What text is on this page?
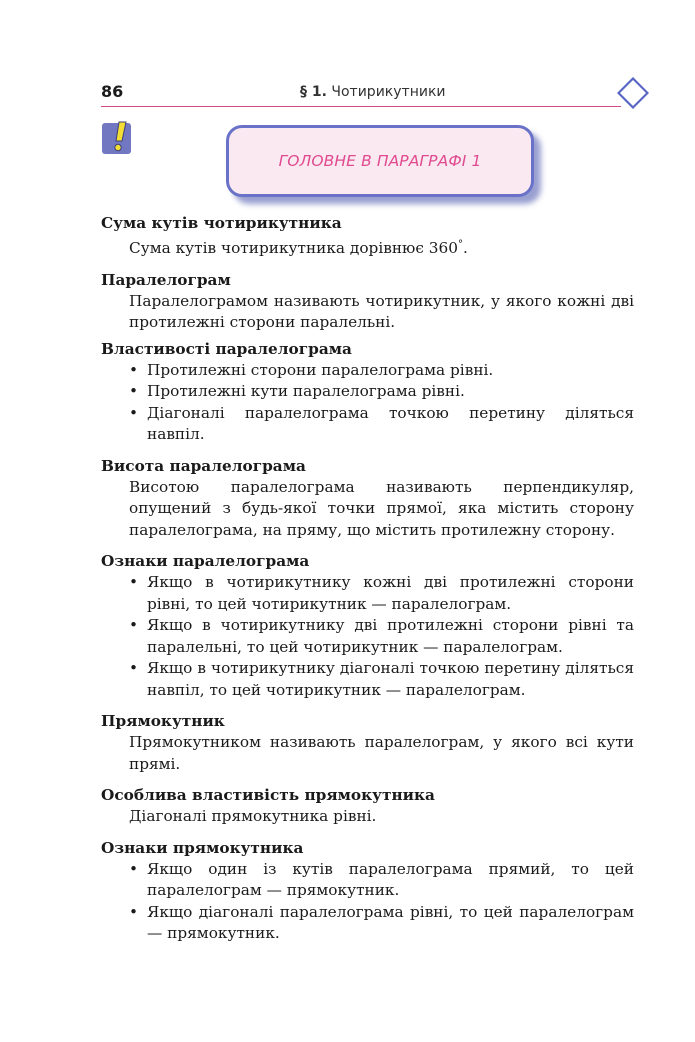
86	§ 1. Чотирикутники
ГОЛОВНЕ В ПАРАГРАФІ 1

Сума кутів чотирикутника

Сума кутів чотирикутника дорівнює 360°.

Паралелограм

Паралелограмом називають чотирикутник, у якого кожні дві протилежні сторони паралельні.

Властивості паралелограма

• Протилежні сторони паралелограма рівні.
• Протилежні кути паралелограма рівні.
• Діагоналі паралелограма точкою перетину діляться навпіл.

Висота паралелограма

Висотою паралелограма називають перпендикуляр, опущений з будь-якої точки прямої, яка містить сторону паралелограма, на пряму, що містить протилежну сторону.

Ознаки паралелограма

• Якщо в чотирикутнику кожні дві протилежні сторони рівні, то цей чотирикутник — паралелограм.
• Якщо в чотирикутнику дві протилежні сторони рівні та паралельні, то цей чотирикутник — паралелограм.
• Якщо в чотирикутнику діагоналі точкою перетину діляться навпіл, то цей чотирикутник — паралелограм.

Прямокутник

Прямокутником називають паралелограм, у якого всі кути прямі.

Особлива властивість прямокутника

Діагоналі прямокутника рівні.

Ознаки прямокутника

• Якщо один із кутів паралелограма прямий, то цей паралелограм — прямокутник.
• Якщо діагоналі паралелограма рівні, то цей паралелограм — прямокутник.
